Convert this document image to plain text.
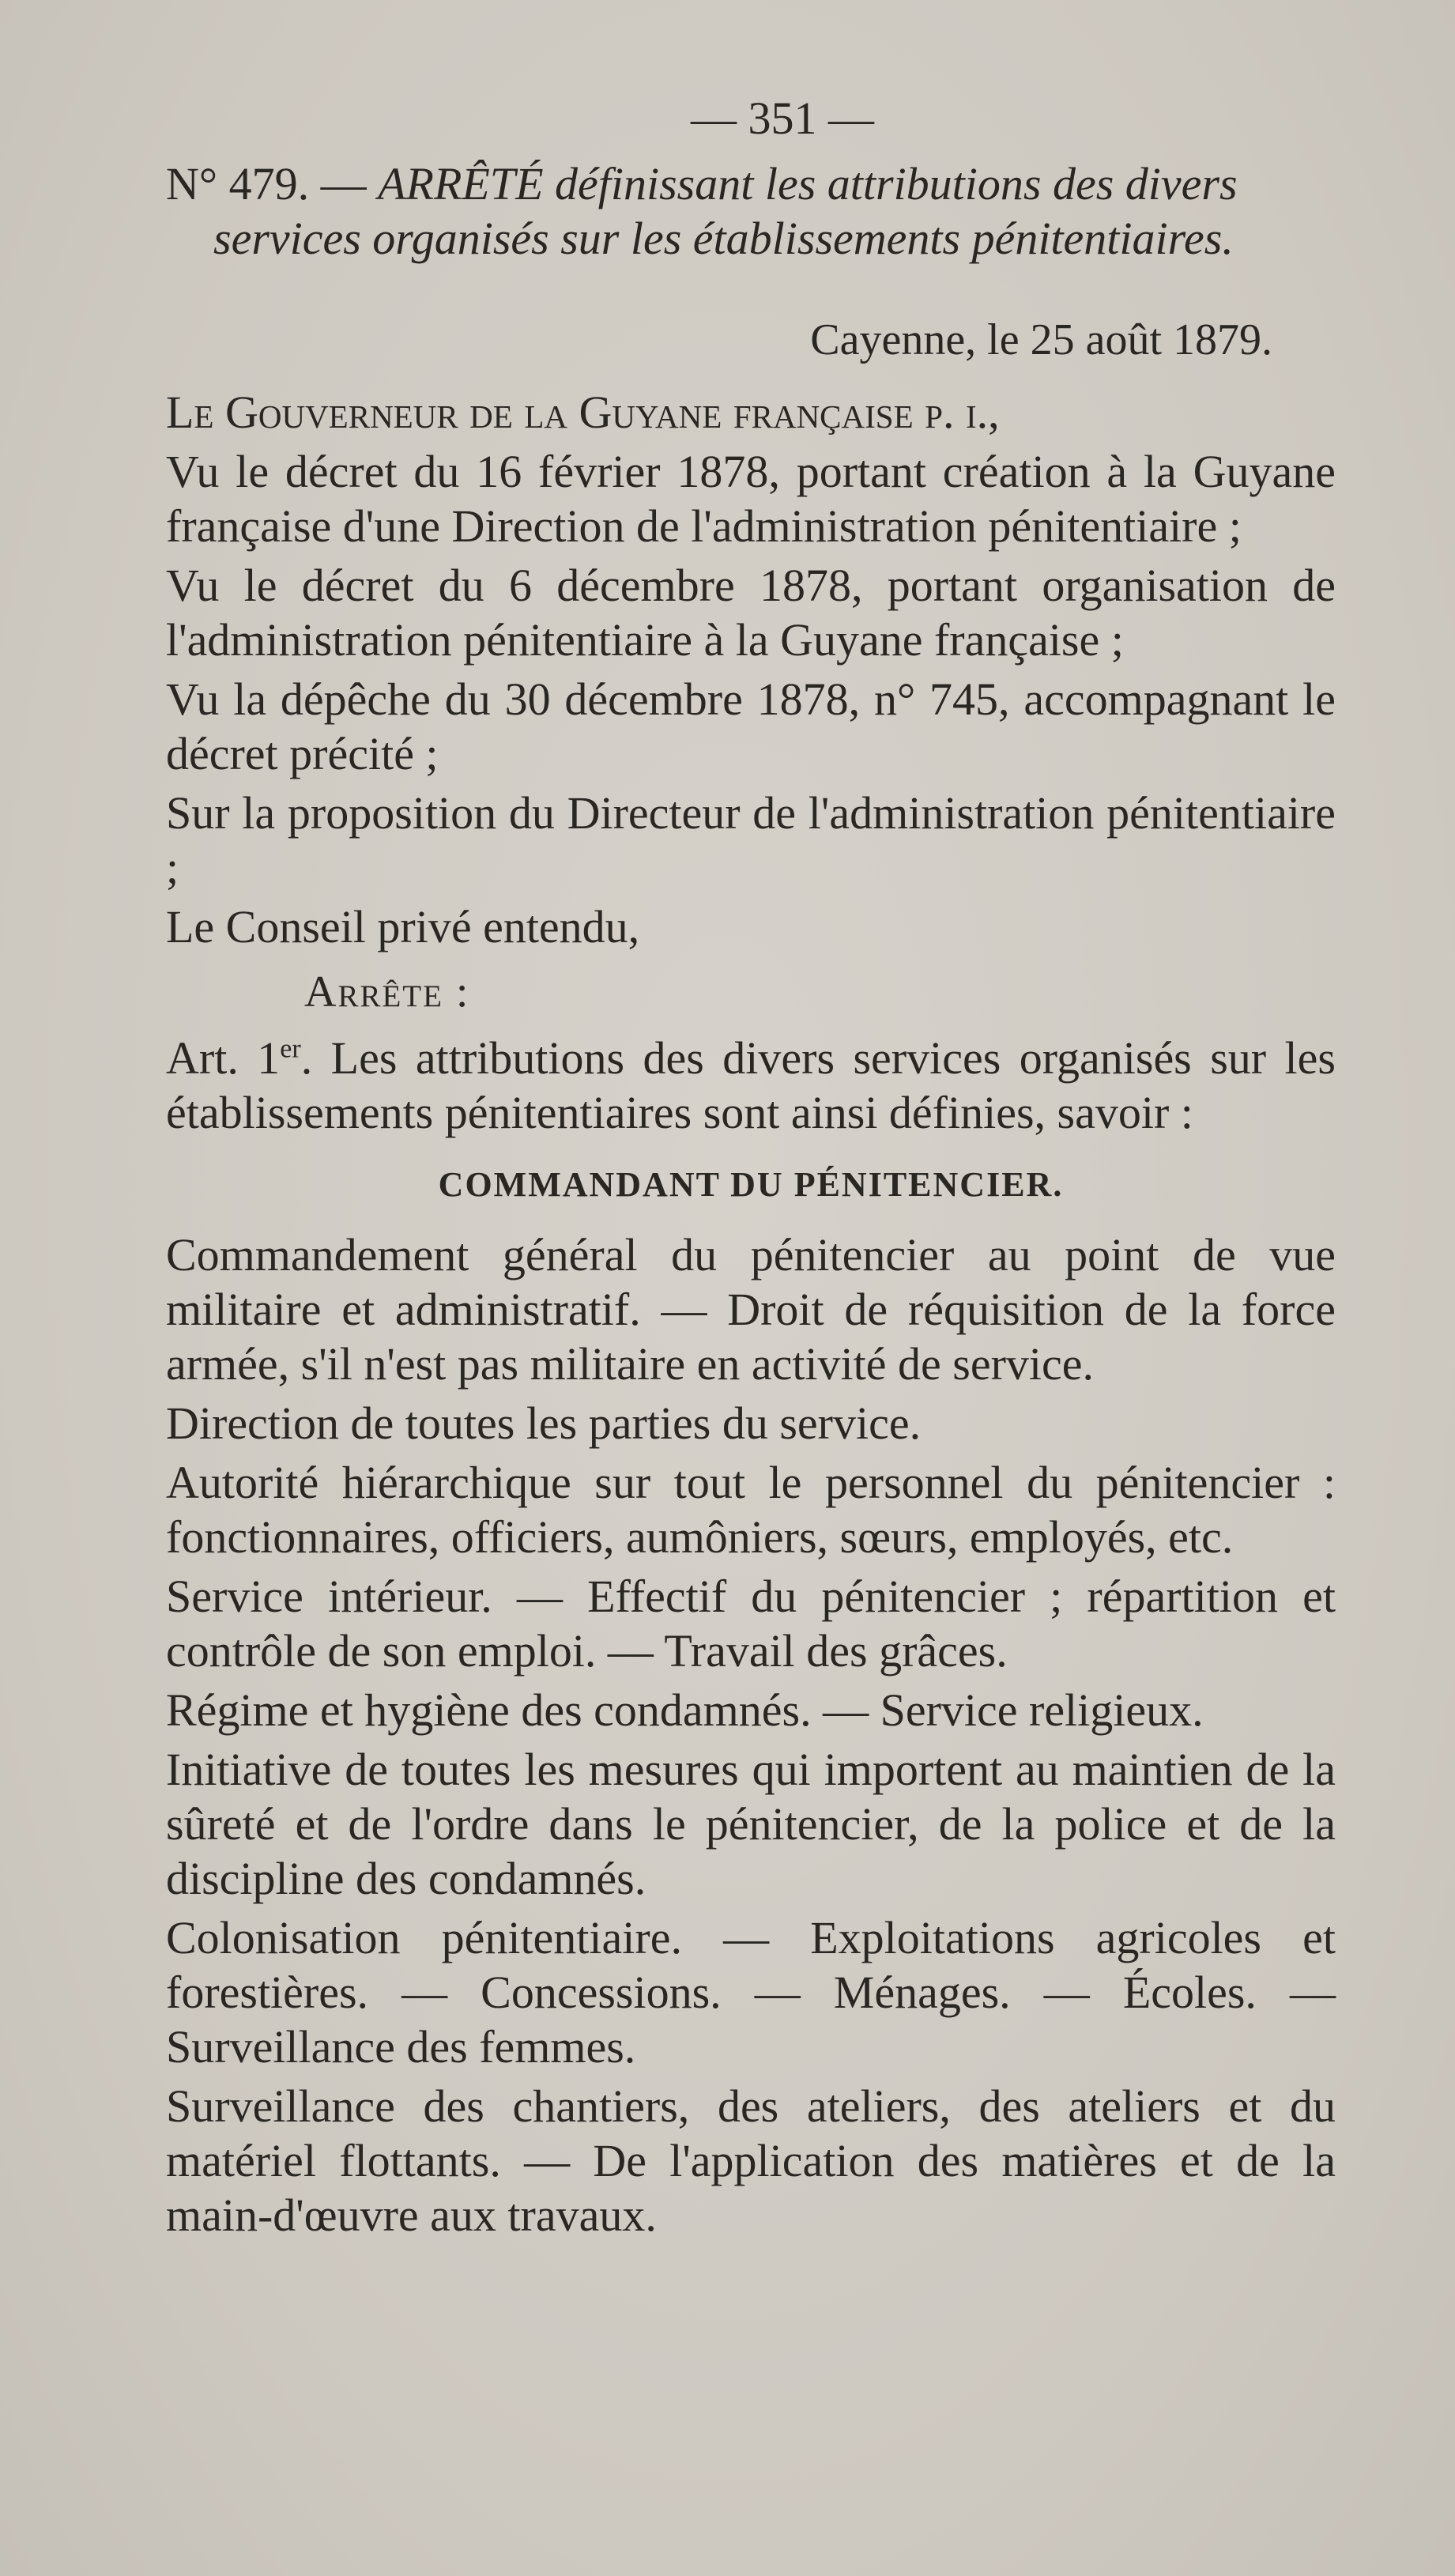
— 351 —
N° 479. — ARRÊTÉ définissant les attributions des divers
services organisés sur les établissements pénitentiaires.
Cayenne, le 25 août 1879.
Le Gouverneur de la Guyane française p. i.,

Vu le décret du 16 février 1878, portant création à la Guyane française d'une Direction de l'administration pénitentiaire ;

Vu le décret du 6 décembre 1878, portant organisation de l'administration pénitentiaire à la Guyane française ;

Vu la dépêche du 30 décembre 1878, n° 745, accompagnant le décret précité ;

Sur la proposition du Directeur de l'administration pénitentiaire ;

Le Conseil privé entendu,

Arrête :

Art. 1er. Les attributions des divers services organisés sur les établissements pénitentiaires sont ainsi définies, savoir :

COMMANDANT DU PÉNITENCIER.

Commandement général du pénitencier au point de vue militaire et administratif. — Droit de réquisition de la force armée, s'il n'est pas militaire en activité de service.

Direction de toutes les parties du service.

Autorité hiérarchique sur tout le personnel du pénitencier : fonctionnaires, officiers, aumôniers, sœurs, employés, etc.

Service intérieur. — Effectif du pénitencier ; répartition et contrôle de son emploi. — Travail des grâces.

Régime et hygiène des condamnés. — Service religieux.

Initiative de toutes les mesures qui importent au maintien de la sûreté et de l'ordre dans le pénitencier, de la police et de la discipline des condamnés.

Colonisation pénitentiaire. — Exploitations agricoles et forestières. — Concessions. — Ménages. — Écoles. — Surveillance des femmes.

Surveillance des chantiers, des ateliers, des ateliers et du matériel flottants. — De l'application des matières et de la main-d'œuvre aux travaux.
